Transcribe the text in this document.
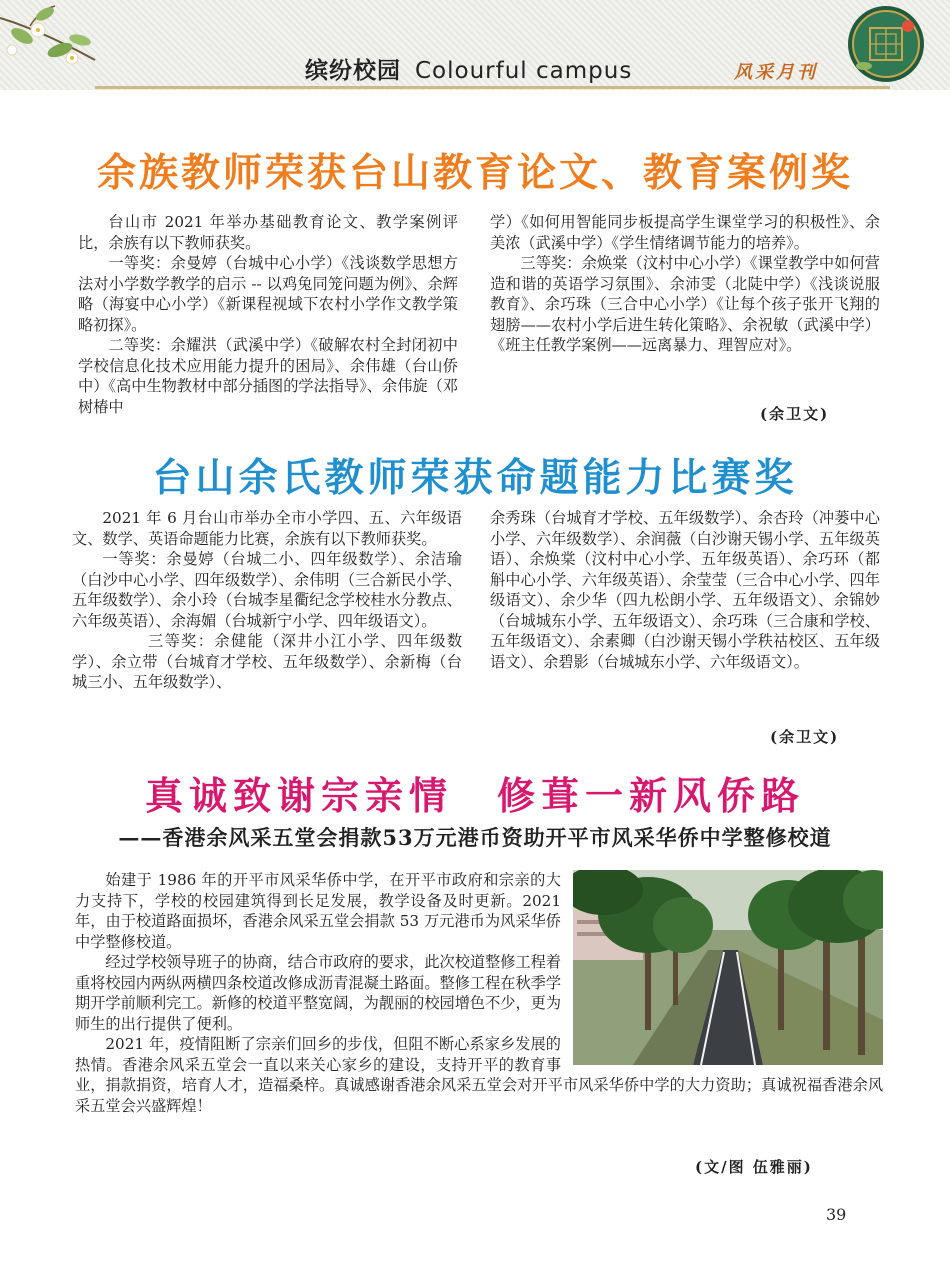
缤纷校园 Colourful campus	风采月刊
余族教师荣获台山教育论文、教育案例奖

台山市 2021 年举办基础教育论文、教学案例评比，余族有以下教师获奖。

一等奖：余曼婷（台城中心小学）《浅谈数学思想方法对小学数学教学的启示 -- 以鸡兔同笼问题为例》、余辉略（海宴中心小学）《新课程视域下农村小学作文教学策略初探》。

二等奖：余耀洪（武溪中学）《破解农村全封闭初中学校信息化技术应用能力提升的困局》、余伟雄（台山侨中）《高中生物教材中部分插图的学法指导》、余伟旋（邓树椿中

学）《如何用智能同步板提高学生课堂学习的积极性》、余美浓（武溪中学）《学生情绪调节能力的培养》。

三等奖：余焕棠（汶村中心小学）《课堂教学中如何营造和谐的英语学习氛围》、余沛雯（北陡中学）《浅谈说服教育》、余巧珠（三合中心小学）《让每个孩子张开飞翔的翅膀——农村小学后进生转化策略》、余祝敏（武溪中学）《班主任教学案例——远离暴力、理智应对》。

(余卫文)
台山余氏教师荣获命题能力比赛奖

2021 年 6 月台山市举办全市小学四、五、六年级语文、数学、英语命题能力比赛，余族有以下教师获奖。

一等奖：余曼婷（台城二小、四年级数学）、余洁瑜（白沙中心小学、四年级数学）、余伟明（三合新民小学、五年级数学）、余小玲（台城李星衢纪念学校桂水分教点、六年级英语）、余海媚（台城新宁小学、四年级语文）。

三等奖：余健能（深井小江小学、四年级数学）、余立带（台城育才学校、五年级数学）、余新梅（台城三小、五年级数学）、

余秀珠（台城育才学校、五年级数学）、余杏玲（冲蒌中心小学、六年级数学）、余润薇（白沙谢天锡小学、五年级英语）、余焕棠（汶村中心小学、五年级英语）、余巧环（都斛中心小学、六年级英语）、余莹莹（三合中心小学、四年级语文）、余少华（四九松朗小学、五年级语文）、余锦妙（台城城东小学、五年级语文）、余巧珠（三合康和学校、五年级语文）、余素卿（白沙谢天锡小学秩祜校区、五年级语文）、余碧影（台城城东小学、六年级语文）。

(余卫文)
真诚致谢宗亲情　修葺一新风侨路
——香港余风采五堂会捐款53万元港币资助开平市风采华侨中学整修校道

始建于 1986 年的开平市风采华侨中学，在开平市政府和宗亲的大力支持下，学校的校园建筑得到长足发展，教学设备及时更新。2021 年，由于校道路面损坏，香港余风采五堂会捐款 53 万元港币为风采华侨中学整修校道。

经过学校领导班子的协商，结合市政府的要求，此次校道整修工程着重将校园内两纵两横四条校道改修成沥青混凝土路面。整修工程在秋季学期开学前顺利完工。新修的校道平整宽阔，为靓丽的校园增色不少，更为师生的出行提供了便利。

2021 年，疫情阻断了宗亲们回乡的步伐，但阻不断心系家乡发展的热情。香港余风采五堂会一直以来关心家乡的建设，支持开平的教育事业，捐款捐资，培育人才，造福桑梓。真诚感谢香港余风采五堂会对开平市风采华侨中学的大力资助；真诚祝福香港余风采五堂会兴盛辉煌！

(文/图 伍雅丽)
39
